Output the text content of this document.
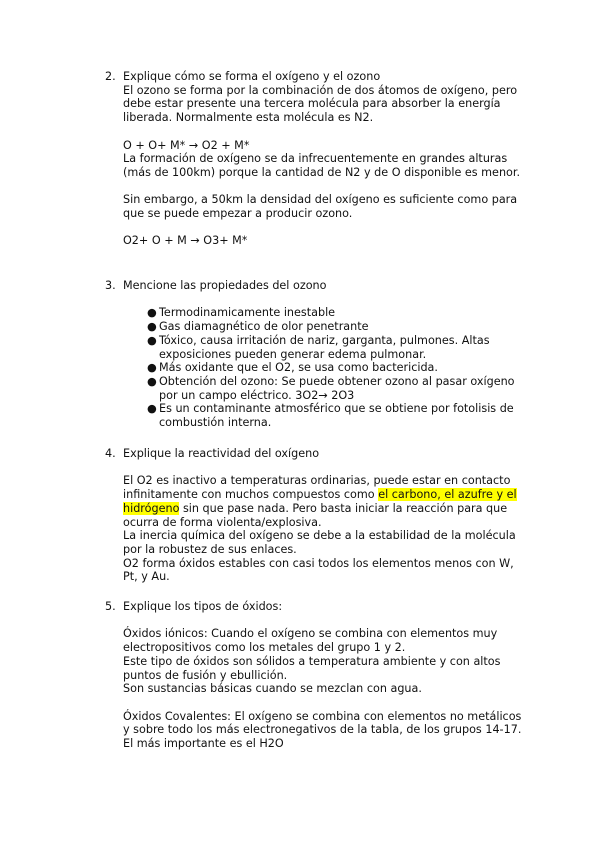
2. Explique cómo se forma el oxígeno y el ozono

El ozono se forma por la combinación de dos átomos de oxígeno, pero debe estar presente una tercera molécula para absorber la energía liberada. Normalmente esta molécula es N2.

O + O+ M* → O2 + M*

La formación de oxígeno se da infrecuentemente en grandes alturas (más de 100km) porque la cantidad de N2 y de O disponible es menor.

Sin embargo, a 50km la densidad del oxígeno es suficiente como para que se puede empezar a producir ozono.

O2+ O + M → O3+ M*

3. Mencione las propiedades del ozono

● Termodinamicamente inestable
● Gas diamagnético de olor penetrante
● Tóxico, causa irritación de nariz, garganta, pulmones. Altas exposiciones pueden generar edema pulmonar.
● Más oxidante que el O2, se usa como bactericida.
● Obtención del ozono: Se puede obtener ozono al pasar oxígeno por un campo eléctrico. 3O2→ 2O3
● Es un contaminante atmosférico que se obtiene por fotolisis de combustión interna.
4. Explique la reactividad del oxígeno

El O2 es inactivo a temperaturas ordinarias, puede estar en contacto infinitamente con muchos compuestos como el carbono, el azufre y el hidrógeno sin que pase nada. Pero basta iniciar la reacción para que ocurra de forma violenta/explosiva.

La inercia química del oxígeno se debe a la estabilidad de la molécula por la robustez de sus enlaces.

O2 forma óxidos estables con casi todos los elementos menos con W, Pt, y Au.

5. Explique los tipos de óxidos:

Óxidos iónicos: Cuando el oxígeno se combina con elementos muy electropositivos como los metales del grupo 1 y 2.

Este tipo de óxidos son sólidos a temperatura ambiente y con altos puntos de fusión y ebullición.

Son sustancias básicas cuando se mezclan con agua.

Óxidos Covalentes: El oxígeno se combina con elementos no metálicos y sobre todo los más electronegativos de la tabla, de los grupos 14-17.

El más importante es el H2O
